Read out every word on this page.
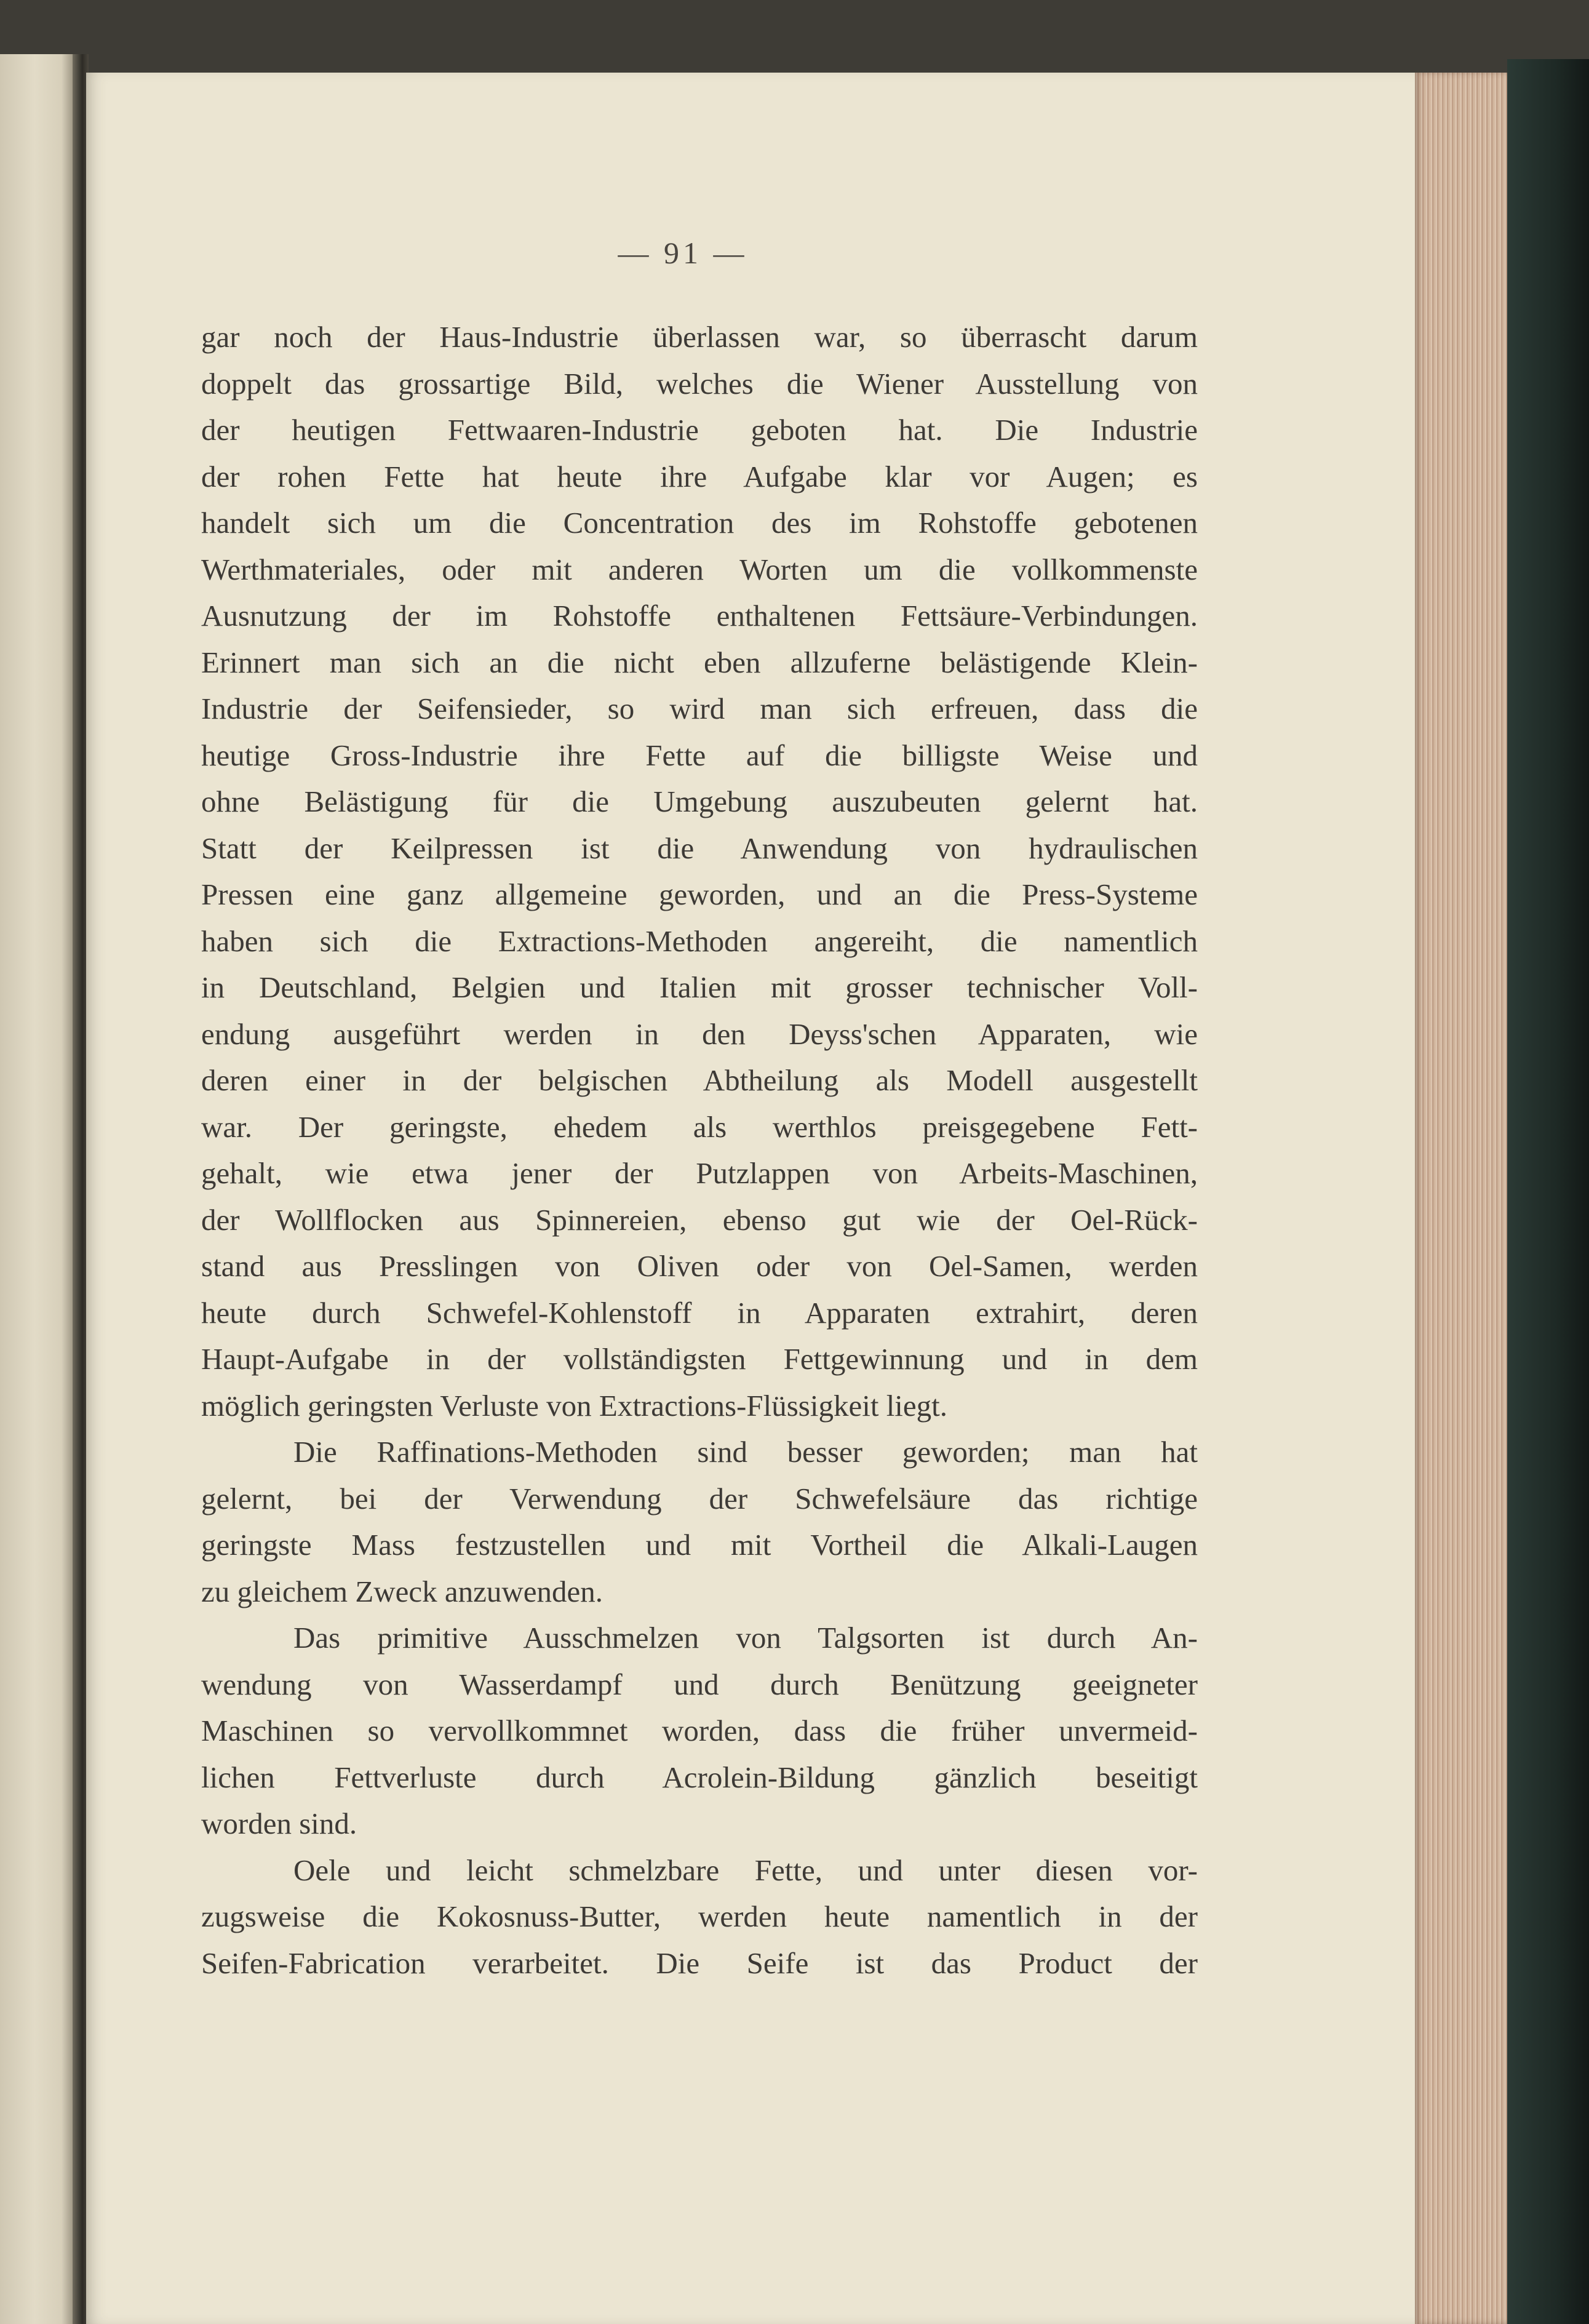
— 91 —
gar noch der Haus-Industrie überlassen war, so überrascht darum
doppelt das grossartige Bild, welches die Wiener Ausstellung von
der heutigen Fettwaaren-Industrie geboten hat. Die Industrie
der rohen Fette hat heute ihre Aufgabe klar vor Augen; es
handelt sich um die Concentration des im Rohstoffe gebotenen
Werthmateriales, oder mit anderen Worten um die vollkommenste
Ausnutzung der im Rohstoffe enthaltenen Fettsäure-Verbindungen.
Erinnert man sich an die nicht eben allzuferne belästigende Klein-
Industrie der Seifensieder, so wird man sich erfreuen, dass die
heutige Gross-Industrie ihre Fette auf die billigste Weise und
ohne Belästigung für die Umgebung auszubeuten gelernt hat.
Statt der Keilpressen ist die Anwendung von hydraulischen
Pressen eine ganz allgemeine geworden, und an die Press-Systeme
haben sich die Extractions-Methoden angereiht, die namentlich
in Deutschland, Belgien und Italien mit grosser technischer Voll-
endung ausgeführt werden in den Deyss'schen Apparaten, wie
deren einer in der belgischen Abtheilung als Modell ausgestellt
war. Der geringste, ehedem als werthlos preisgegebene Fett-
gehalt, wie etwa jener der Putzlappen von Arbeits-Maschinen,
der Wollflocken aus Spinnereien, ebenso gut wie der Oel-Rück-
stand aus Presslingen von Oliven oder von Oel-Samen, werden
heute durch Schwefel-Kohlenstoff in Apparaten extrahirt, deren
Haupt-Aufgabe in der vollständigsten Fettgewinnung und in dem
möglich geringsten Verluste von Extractions-Flüssigkeit liegt.
Die Raffinations-Methoden sind besser geworden; man hat
gelernt, bei der Verwendung der Schwefelsäure das richtige
geringste Mass festzustellen und mit Vortheil die Alkali-Laugen
zu gleichem Zweck anzuwenden.
Das primitive Ausschmelzen von Talgsorten ist durch An-
wendung von Wasserdampf und durch Benützung geeigneter
Maschinen so vervollkommnet worden, dass die früher unvermeid-
lichen Fettverluste durch Acrolein-Bildung gänzlich beseitigt
worden sind.
Oele und leicht schmelzbare Fette, und unter diesen vor-
zugsweise die Kokosnuss-Butter, werden heute namentlich in der
Seifen-Fabrication verarbeitet. Die Seife ist das Product der
